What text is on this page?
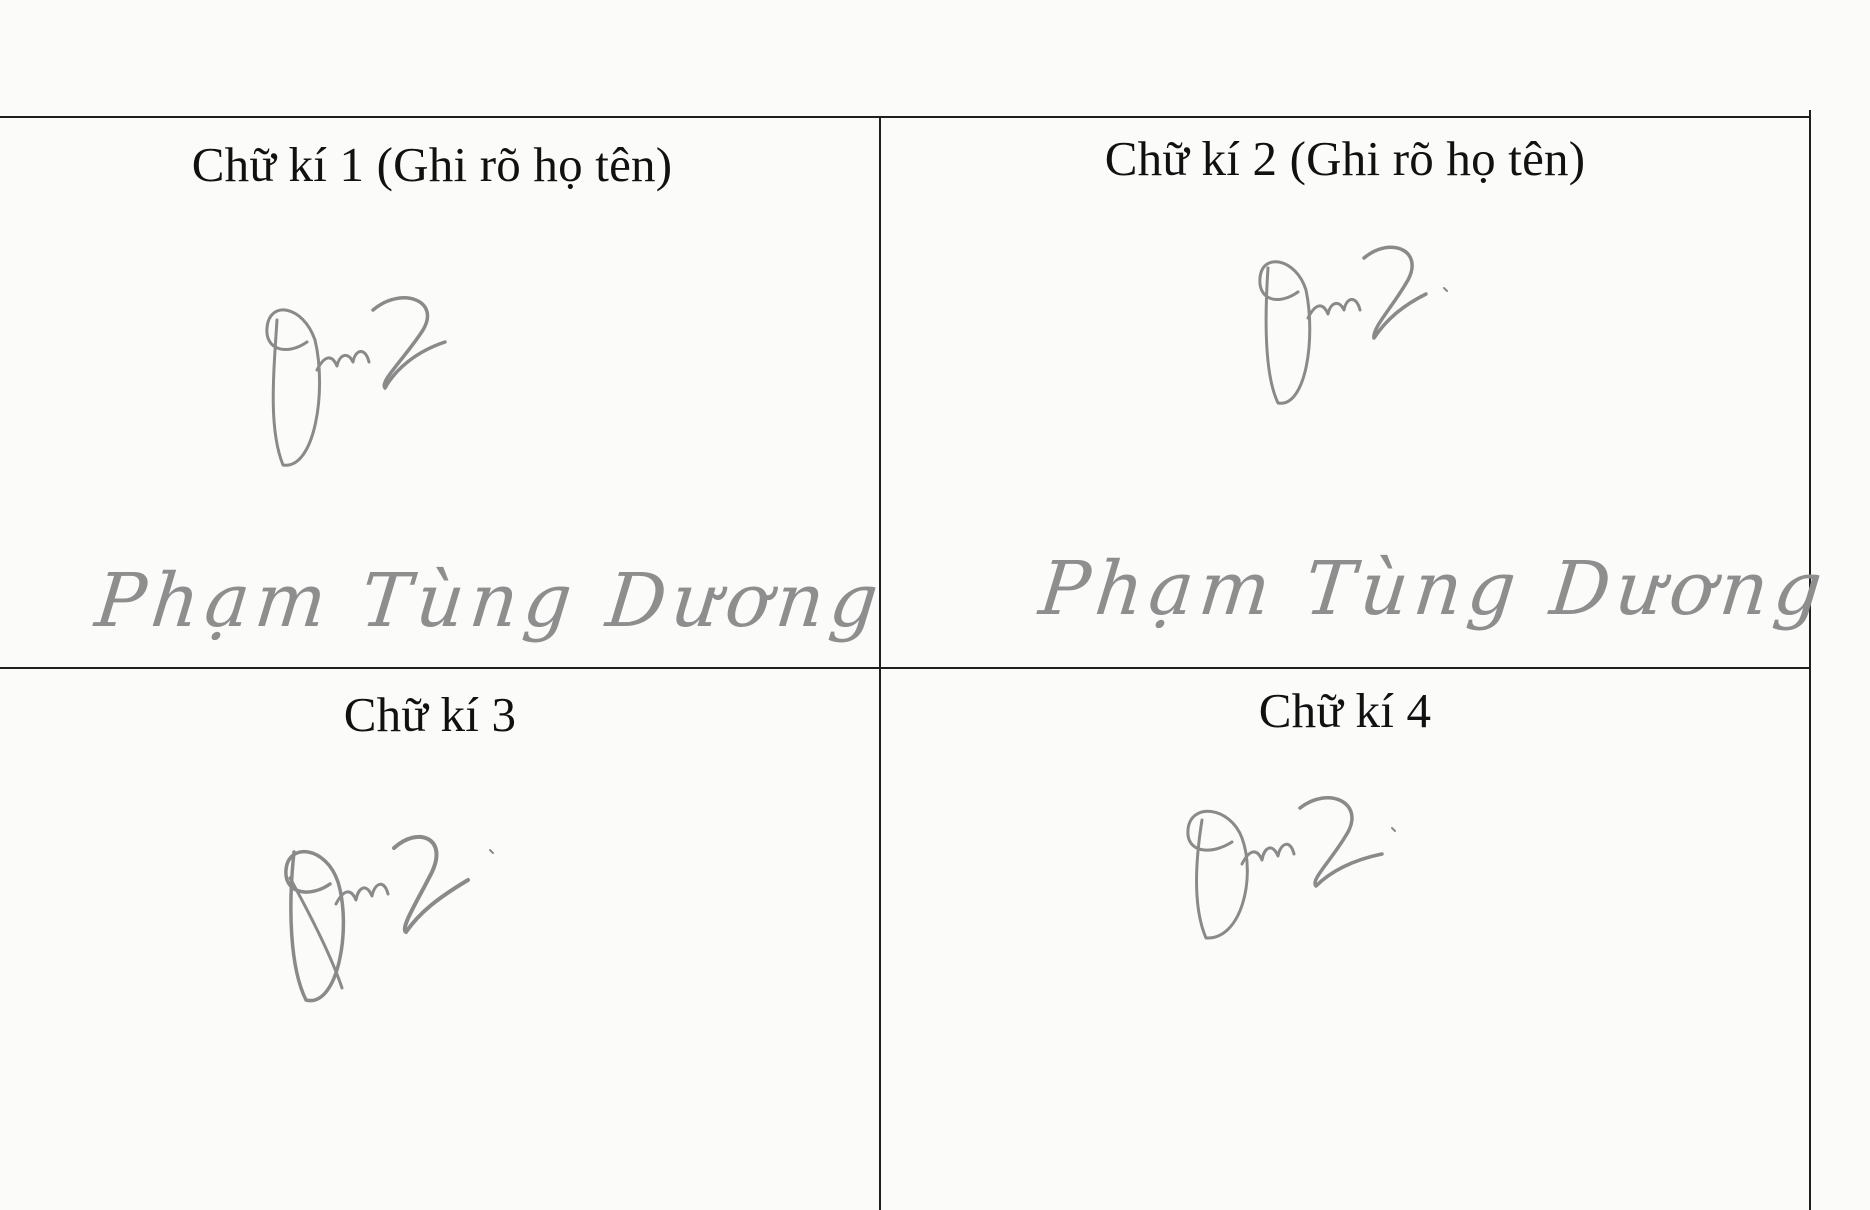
Chữ kí 1 (Ghi rõ họ tên)
Phạm Tùng Dương
Chữ kí 2 (Ghi rõ họ tên)
Phạm Tùng Dương
Chữ kí 3	Chữ kí 4
